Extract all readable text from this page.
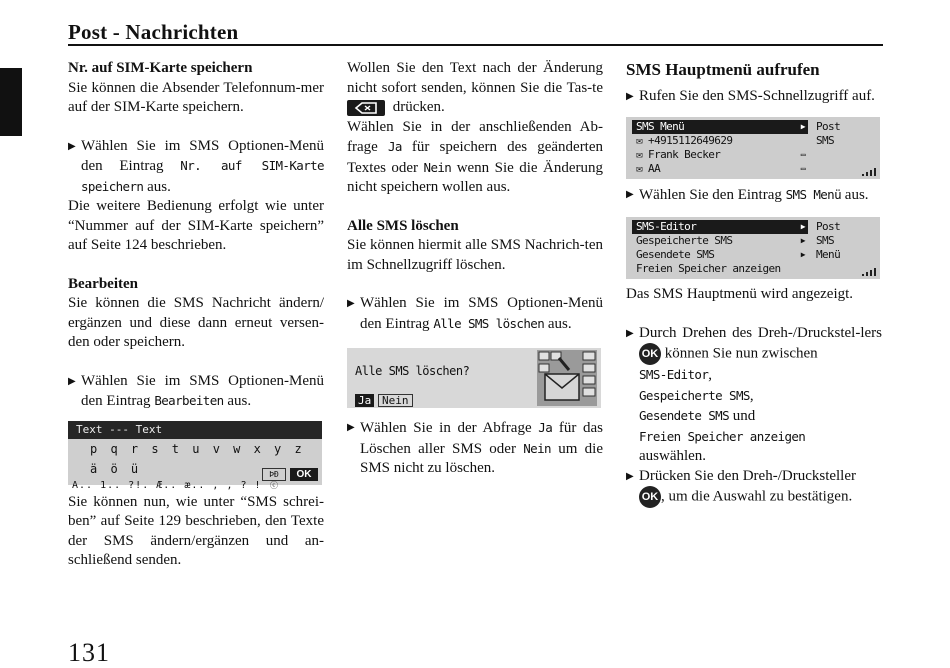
Post - Nachrichten

Nr. auf SIM-Karte speichern

Sie können die Absender Telefonnum-mer auf der SIM-Karte speichern.

▶ Wählen Sie im SMS Optionen-Menü den Eintrag Nr. auf SIM-Karte speichern aus.

Die weitere Bedienung erfolgt wie unter “Nummer auf der SIM-Karte speichern” auf Seite 124 beschrieben.

Bearbeiten

Sie können die SMS Nachricht ändern/ ergänzen und diese dann erneut versen-den oder speichern.

▶ Wählen Sie im SMS Optionen-Menü den Eintrag Bearbeiten aus.
Text --- Text
p q r s t u v w x y z ä ö ü
A.. 1.. ?!. Æ.. æ.. , , ? !
ÞÐ ⓒ
OK

Sie können nun, wie unter “SMS schrei-ben” auf Seite 129 beschrieben, den Texte der SMS ändern/ergänzen und an-schließend senden.

Wollen Sie den Text nach der Änderung nicht sofort senden, können Sie die Tas-te
drücken.

Wählen Sie in der anschließenden Ab-frage Ja für speichern des geänderten Textes oder Nein wenn Sie die Änderung nicht speichern wollen aus.

Alle SMS löschen

Sie können hiermit alle SMS Nachrich-ten im Schnellzugriff löschen.

▶ Wählen Sie im SMS Optionen-Menü den Eintrag Alle SMS löschen aus.
Alle SMS löschen?
Ja Nein
▶ Wählen Sie in der Abfrage Ja für das Löschen aller SMS oder Nein um die SMS nicht zu löschen.

SMS Hauptmenü aufrufen

▶ Rufen Sie den SMS-Schnellzugriff auf.
SMS Menü	▶
✉ +4915112649629
✉ Frank Becker	▭
✉ AA	▭
Post
SMS
▶ Wählen Sie den Eintrag SMS Menü aus.
SMS-Editor	▶
Gespeicherte SMS	▶
Gesendete SMS	▶
Freien Speicher anzeigen
Post
SMS
Menü

Das SMS Hauptmenü wird angezeigt.

▶ Durch Drehen des Dreh-/Druckstel-lers OK können Sie nun zwischen
SMS-Editor,
Gespeicherte SMS,
Gesendete SMS und
Freien Speicher anzeigen
auswählen.
▶ Drücken Sie den Dreh-/Drucksteller
OK , um die Auswahl zu bestätigen.
131
